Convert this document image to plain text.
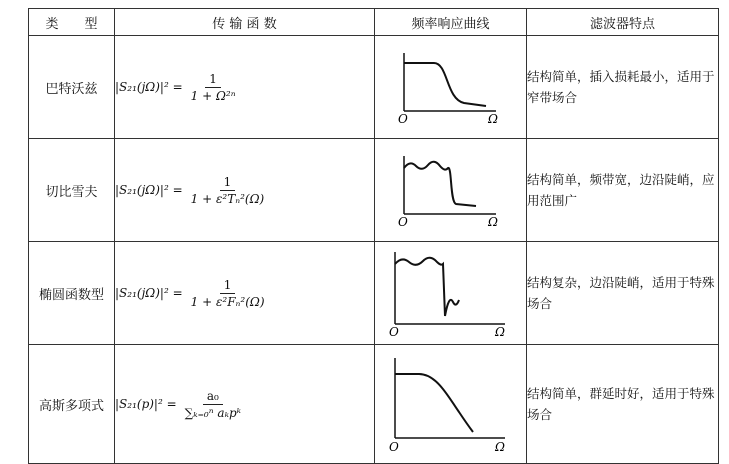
类　　型	传 输 函 数	频率响应曲线	滤波器特点
巴特沃兹	$|S_{21}(j\Omega)|^2 = \frac{1}{\text{1 + Ω²ⁿ}}$	O Ω	结构简单，插入损耗最小，适用于窄带场合
切比雪夫	$|S_{21}(j\Omega)|^2 = \frac{1}{\text{1 + ε²Tₙ²(Ω)}}$	O Ω	结构简单，频带宽，边沿陡峭，应用范围广
椭圆函数型	$|S_{21}(j\Omega)|^2 = \frac{1}{\text{1 + ε²Fₙ²(Ω)}}$	O Ω	结构复杂，边沿陡峭，适用于特殊场合
高斯多项式	$|S_{21}(p)|^2 = \frac{\text{a₀}}{\text{∑ₖ₌₀ⁿ aₖpᵏ}}$	O Ω	结构简单，群延时好，适用于特殊场合
